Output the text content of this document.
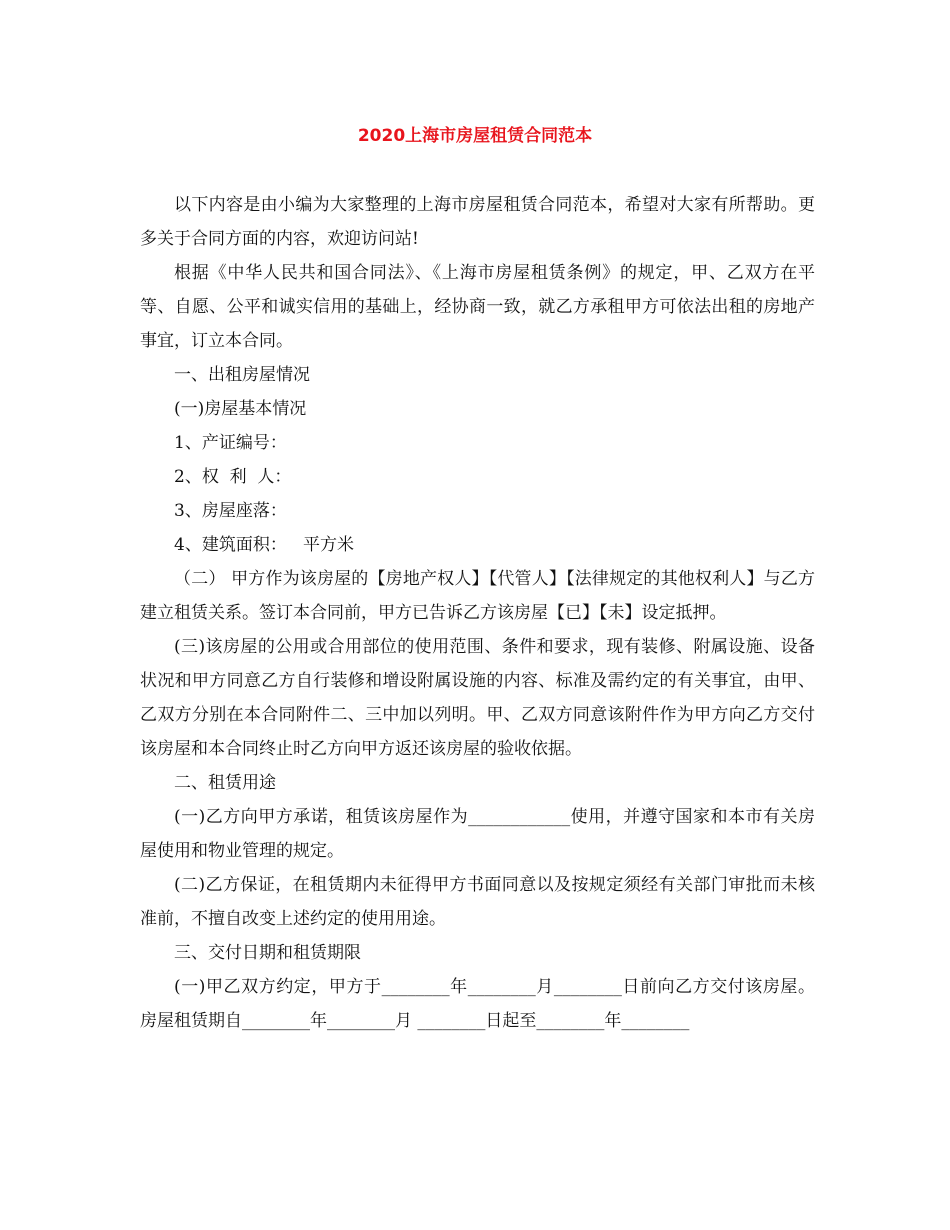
2020上海市房屋租赁合同范本

以下内容是由小编为大家整理的上海市房屋租赁合同范本，希望对大家有所帮助。更多关于合同方面的内容，欢迎访问站!

根据《中华人民共和国合同法》、《上海市房屋租赁条例》的规定，甲、乙双方在平等、自愿、公平和诚实信用的基础上，经协商一致，就乙方承租甲方可依法出租的房地产事宜，订立本合同。

一、出租房屋情况

(一)房屋基本情况

1、产证编号：

2、权  利  人：

3、房屋座落：

4、建筑面积：   平方米

（二） 甲方作为该房屋的【房地产权人】【代管人】【法律规定的其他权利人】与乙方建立租赁关系。签订本合同前，甲方已告诉乙方该房屋【已】【未】设定抵押。

(三)该房屋的公用或合用部位的使用范围、条件和要求，现有装修、附属设施、设备状况和甲方同意乙方自行装修和增设附属设施的内容、标准及需约定的有关事宜，由甲、乙双方分别在本合同附件二、三中加以列明。甲、乙双方同意该附件作为甲方向乙方交付该房屋和本合同终止时乙方向甲方返还该房屋的验收依据。

二、租赁用途

(一)乙方向甲方承诺，租赁该房屋作为____________使用，并遵守国家和本市有关房屋使用和物业管理的规定。

(二)乙方保证，在租赁期内未征得甲方书面同意以及按规定须经有关部门审批而未核准前，不擅自改变上述约定的使用用途。

三、交付日期和租赁期限

(一)甲乙双方约定，甲方于________年________月________日前向乙方交付该房屋。房屋租赁期自________年________月 ________日起至________年________
